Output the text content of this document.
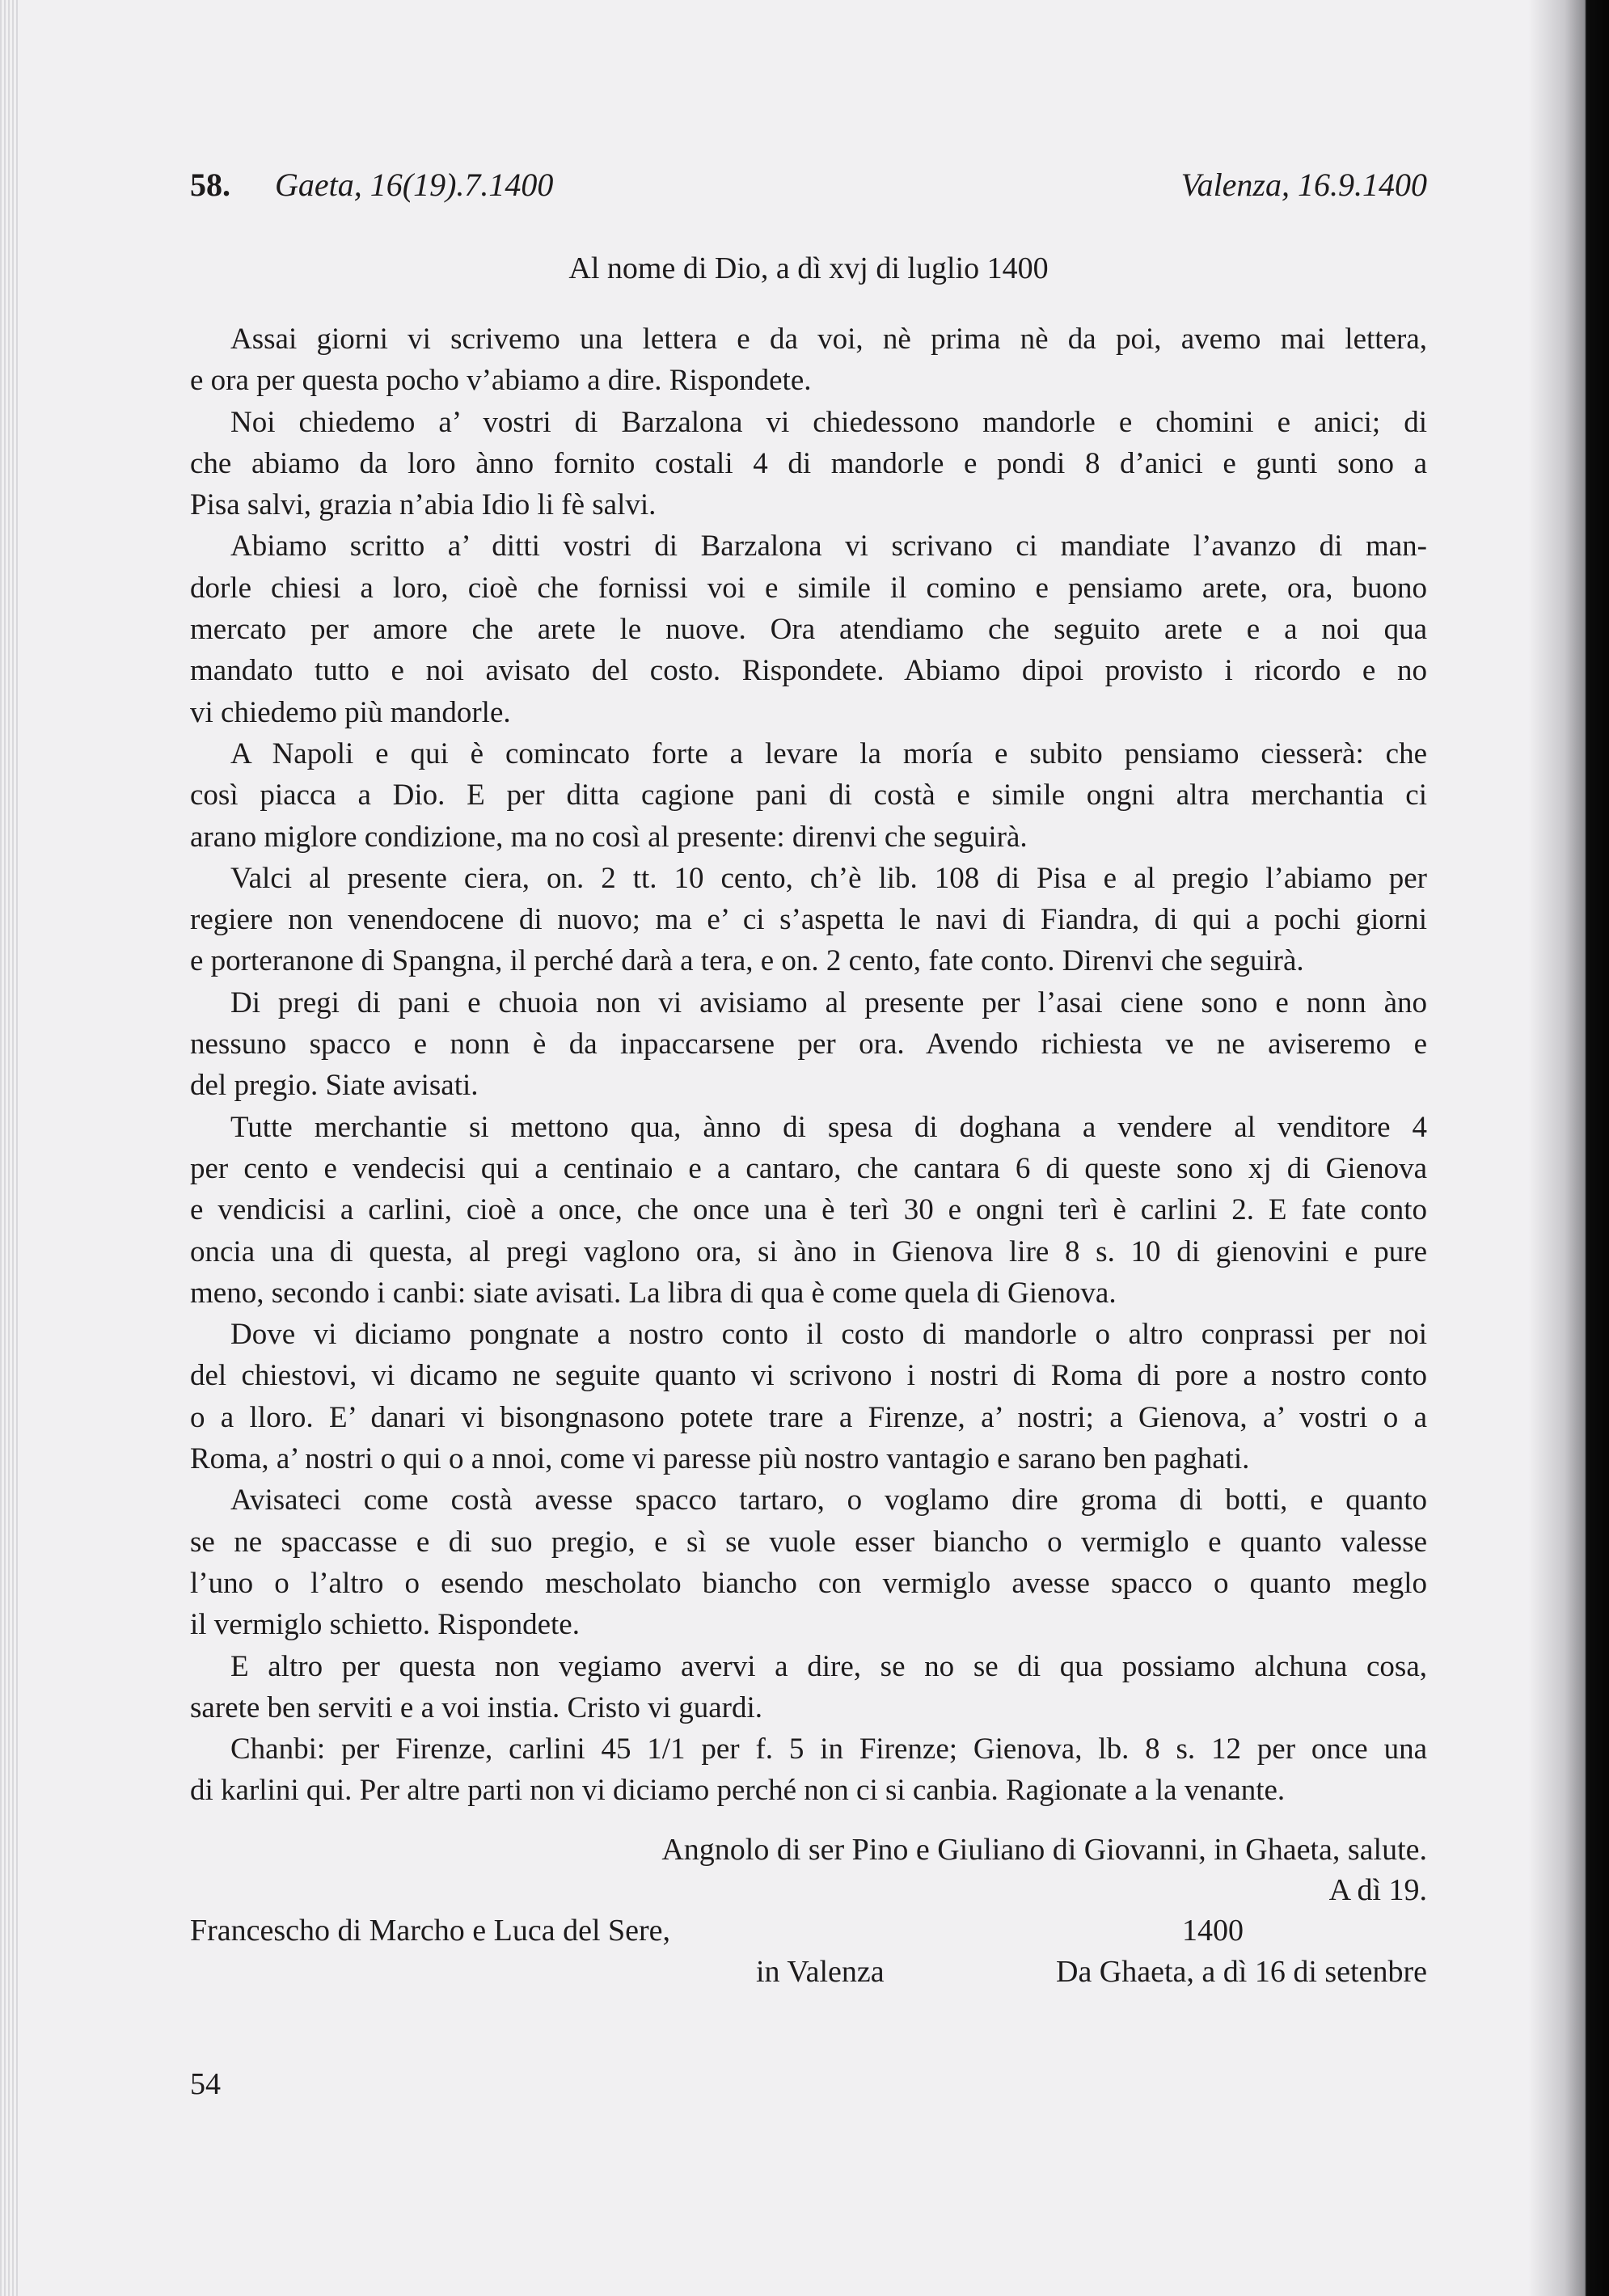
58. Gaeta, 16(19).7.1400	Valenza, 16.9.1400
Al nome di Dio, a dì xvj di luglio 1400
Assai giorni vi scrivemo una lettera e da voi, nè prima nè da poi, avemo mai lettera,
e ora per questa pocho v’abiamo a dire. Rispondete.
Noi chiedemo a’ vostri di Barzalona vi chiedessono mandorle e chomini e anici; di
che abiamo da loro ànno fornito costali 4 di mandorle e pondi 8 d’anici e gunti sono a
Pisa salvi, grazia n’abia Idio li fè salvi.
Abiamo scritto a’ ditti vostri di Barzalona vi scrivano ci mandiate l’avanzo di man-
dorle chiesi a loro, cioè che fornissi voi e simile il comino e pensiamo arete, ora, buono
mercato per amore che arete le nuove. Ora atendiamo che seguito arete e a noi qua
mandato tutto e noi avisato del costo. Rispondete. Abiamo dipoi provisto i ricordo e no
vi chiedemo più mandorle.
A Napoli e qui è comincato forte a levare la moría e subito pensiamo ciesserà: che
così piacca a Dio. E per ditta cagione pani di costà e simile ongni altra merchantia ci
arano miglore condizione, ma no così al presente: direnvi che seguirà.
Valci al presente ciera, on. 2 tt. 10 cento, ch’è lib. 108 di Pisa e al pregio l’abiamo per
regiere non venendocene di nuovo; ma e’ ci s’aspetta le navi di Fiandra, di qui a pochi giorni
e porteranone di Spangna, il perché darà a tera, e on. 2 cento, fate conto. Direnvi che seguirà.
Di pregi di pani e chuoia non vi avisiamo al presente per l’asai ciene sono e nonn àno
nessuno spacco e nonn è da inpaccarsene per ora. Avendo richiesta ve ne aviseremo e
del pregio. Siate avisati.
Tutte merchantie si mettono qua, ànno di spesa di doghana a vendere al venditore 4
per cento e vendecisi qui a centinaio e a cantaro, che cantara 6 di queste sono xj di Gienova
e vendicisi a carlini, cioè a once, che once una è terì 30 e ongni terì è carlini 2. E fate conto
oncia una di questa, al pregi vaglono ora, si àno in Gienova lire 8 s. 10 di gienovini e pure
meno, secondo i canbi: siate avisati. La libra di qua è come quela di Gienova.
Dove vi diciamo pongnate a nostro conto il costo di mandorle o altro conprassi per noi
del chiestovi, vi dicamo ne seguite quanto vi scrivono i nostri di Roma di pore a nostro conto
o a lloro. E’ danari vi bisongnasono potete trare a Firenze, a’ nostri; a Gienova, a’ vostri o a
Roma, a’ nostri o qui o a nnoi, come vi paresse più nostro vantagio e sarano ben paghati.
Avisateci come costà avesse spacco tartaro, o voglamo dire groma di botti, e quanto
se ne spaccasse e di suo pregio, e sì se vuole esser biancho o vermiglo e quanto valesse
l’uno o l’altro o esendo mescholato biancho con vermiglo avesse spacco o quanto meglo
il vermiglo schietto. Rispondete.
E altro per questa non vegiamo avervi a dire, se no se di qua possiamo alchuna cosa,
sarete ben serviti e a voi instia. Cristo vi guardi.
Chanbi: per Firenze, carlini 45 1/1 per f. 5 in Firenze; Gienova, lb. 8 s. 12 per once una
di karlini qui. Per altre parti non vi diciamo perché non ci si canbia. Ragionate a la venante.
Angnolo di ser Pino e Giuliano di Giovanni, in Ghaeta, salute.
A dì 19.
Francescho di Marcho e Luca del Sere,	1400
in Valenza	Da Ghaeta, a dì 16 di setenbre
54
